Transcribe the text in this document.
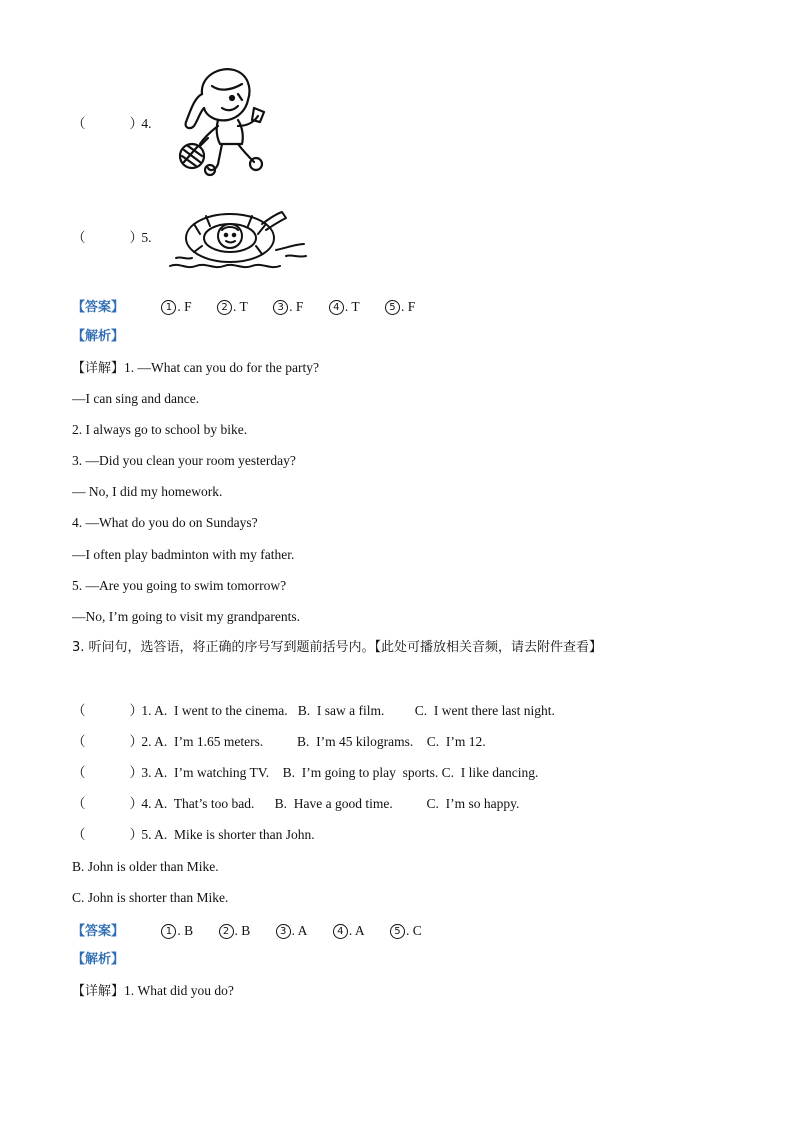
（	） 4.
（	） 5.
【答案】	1 . F	2 . T	3 . F	4 . T	5 . F
【解析】
【详解】1. —What can you do for the party?
—I can sing and dance.
2. I always go to school by bike.
3. —Did you clean your room yesterday?
— No, I did my homework.
4. —What do you do on Sundays?
—I often play badminton with my father.
5. —Are you going to swim tomorrow?
—No, I’m going to visit my grandparents.
3. 听问句，选答语，将正确的序号写到题前括号内。【此处可播放相关音频，请去附件查看】
（	） 1. A.  I went to the cinema.   B.  I saw a film.         C.  I went there last night.
（	） 2. A.  I’m 1.65 meters.          B.  I’m 45 kilograms.    C.  I’m 12.
（	） 3. A.  I’m watching TV.    B.  I’m going to play  sports. C.  I like dancing.
（	） 4. A.  That’s too bad.      B.  Have a good time.          C.  I’m so happy.
（	） 5. A.  Mike is shorter than John.
B. John is older than Mike.
C. John is shorter than Mike.
【答案】	1 . B	2 . B	3 . A	4 . A	5 . C
【解析】
【详解】1. What did you do?
